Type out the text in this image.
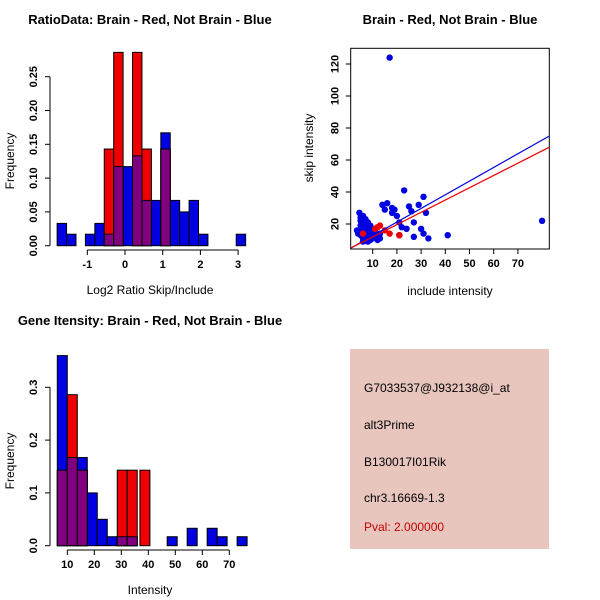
0.00
0.05
0.10
0.15
0.20
0.25
-1	0	1	2	3
Frequency
Log2 Ratio Skip/Include
RatioData: Brain - Red, Not Brain - Blue
10 20 30 40 50 60 70
20
40
60
80
100
120
skip intensity
include intensity
Brain - Red, Not Brain - Blue
0.0
0.1
0.2
0.3
10 20 30 40 50 60 70
Frequency
Intensity
Gene Itensity: Brain - Red, Not Brain - Blue
G7033537@J932138@i_at
alt3Prime
B130017I01Rik
chr3.16669-1.3
Pval: 2.000000
